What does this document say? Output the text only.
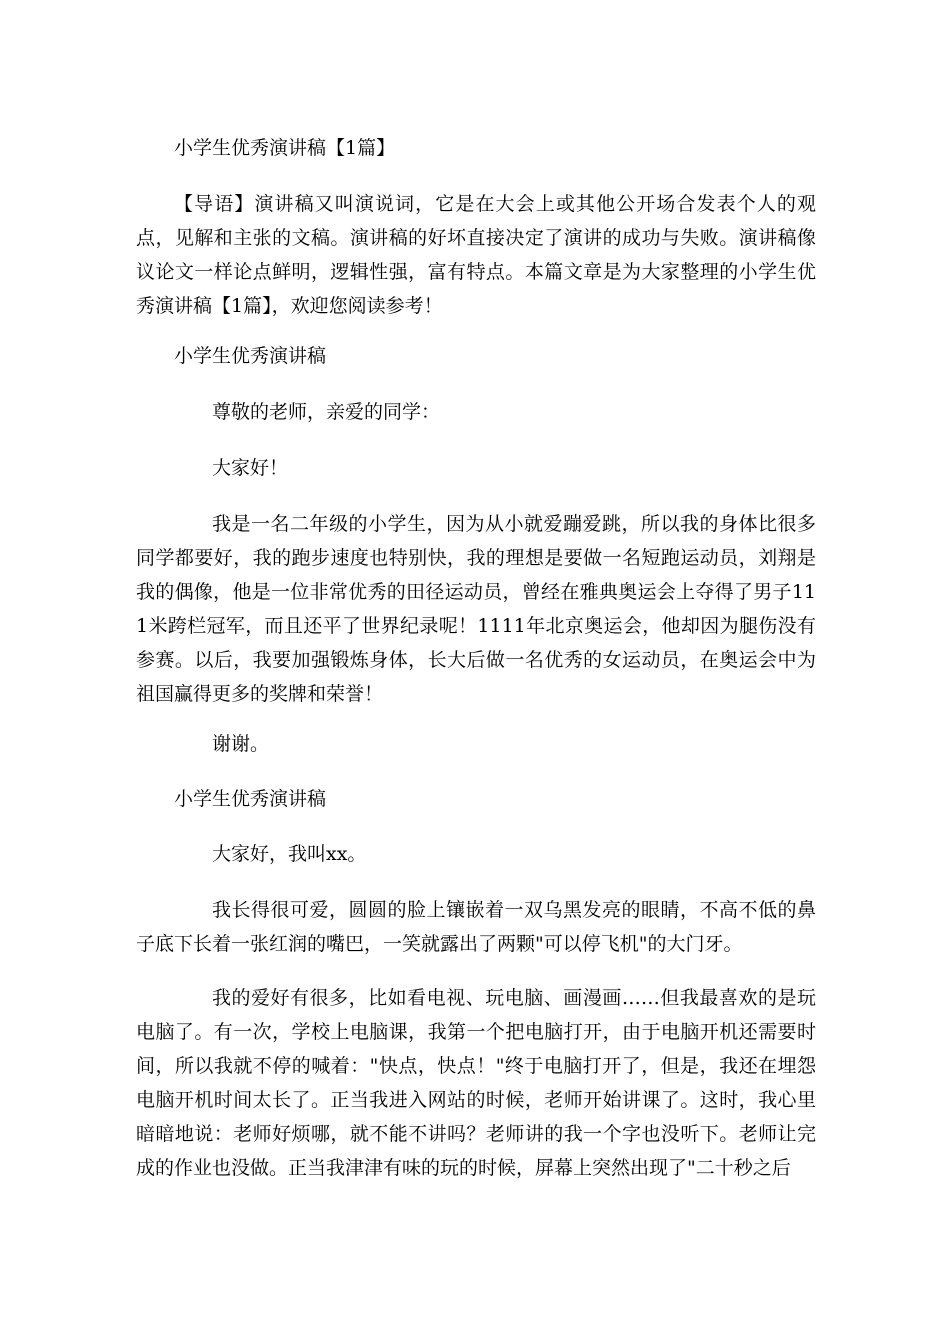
小学生优秀演讲稿【1篇】

【导语】演讲稿又叫演说词，它是在大会上或其他公开场合发表个人的观点，见解和主张的文稿。演讲稿的好坏直接决定了演讲的成功与失败。演讲稿像议论文一样论点鲜明，逻辑性强，富有特点。本篇文章是为大家整理的小学生优秀演讲稿【1篇】，欢迎您阅读参考！

小学生优秀演讲稿

尊敬的老师，亲爱的同学：

大家好！

我是一名二年级的小学生，因为从小就爱蹦爱跳，所以我的身体比很多同学都要好，我的跑步速度也特别快，我的理想是要做一名短跑运动员，刘翔是我的偶像，他是一位非常优秀的田径运动员，曾经在雅典奥运会上夺得了男子111米跨栏冠军，而且还平了世界纪录呢！1111年北京奥运会，他却因为腿伤没有参赛。以后，我要加强锻炼身体，长大后做一名优秀的女运动员，在奥运会中为祖国赢得更多的奖牌和荣誉！

谢谢。

小学生优秀演讲稿

大家好，我叫xx。

我长得很可爱，圆圆的脸上镶嵌着一双乌黑发亮的眼睛，不高不低的鼻子底下长着一张红润的嘴巴，一笑就露出了两颗"可以停飞机"的大门牙。

我的爱好有很多，比如看电视、玩电脑、画漫画……但我最喜欢的是玩电脑了。有一次，学校上电脑课，我第一个把电脑打开，由于电脑开机还需要时间，所以我就不停的喊着："快点，快点！"终于电脑打开了，但是，我还在埋怨电脑开机时间太长了。正当我进入网站的时候，老师开始讲课了。这时，我心里暗暗地说：老师好烦哪，就不能不讲吗？老师讲的我一个字也没听下。老师让完成的作业也没做。正当我津津有味的玩的时候，屏幕上突然出现了"二十秒之后
